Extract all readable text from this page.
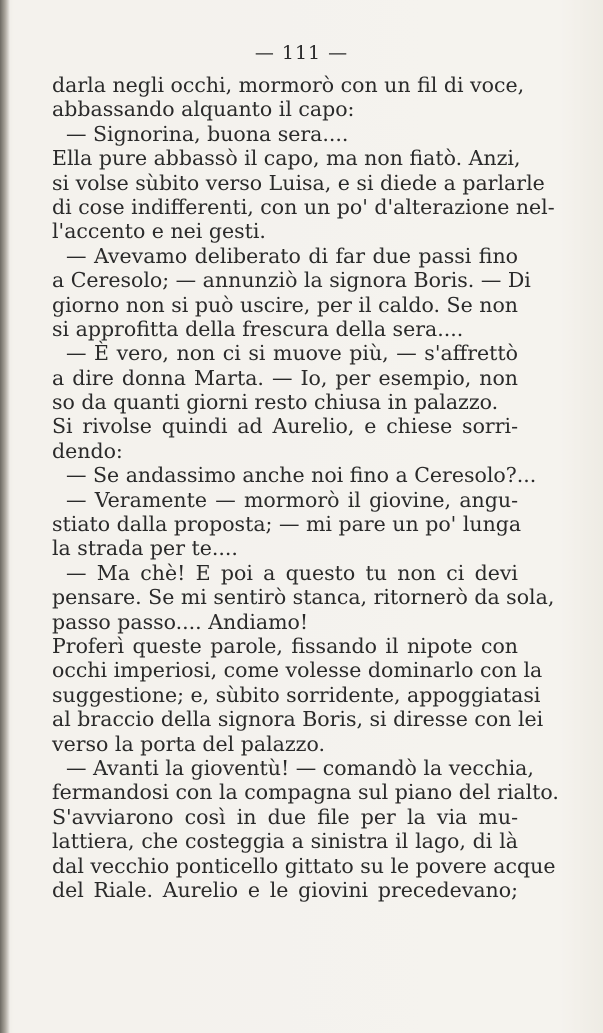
— 111 —
darla negli occhi, mormorò con un fil di voce,
abbassando alquanto il capo:
— Signorina, buona sera....
Ella pure abbassò il capo, ma non fiatò. Anzi,
si volse sùbito verso Luisa, e si diede a parlarle
di cose indifferenti, con un po' d'alterazione nel-
l'accento e nei gesti.
— Avevamo deliberato di far due passi fino
a Ceresolo; — annunziò la signora Boris. — Di
giorno non si può uscire, per il caldo. Se non
si approfitta della frescura della sera....
— È vero, non ci si muove più, — s'affrettò
a dire donna Marta. — Io, per esempio, non
so da quanti giorni resto chiusa in palazzo.
Si rivolse quindi ad Aurelio, e chiese sorri-
dendo:
— Se andassimo anche noi fino a Ceresolo?...
— Veramente — mormorò il giovine, angu-
stiato dalla proposta; — mi pare un po' lunga
la strada per te....
— Ma chè! E poi a questo tu non ci devi
pensare. Se mi sentirò stanca, ritornerò da sola,
passo passo.... Andiamo!
Proferì queste parole, fissando il nipote con
occhi imperiosi, come volesse dominarlo con la
suggestione; e, sùbito sorridente, appoggiatasi
al braccio della signora Boris, si diresse con lei
verso la porta del palazzo.
— Avanti la gioventù! — comandò la vecchia,
fermandosi con la compagna sul piano del rialto.
S'avviarono così in due file per la via mu-
lattiera, che costeggia a sinistra il lago, di là
dal vecchio ponticello gittato su le povere acque
del Riale. Aurelio e le giovini precedevano;
